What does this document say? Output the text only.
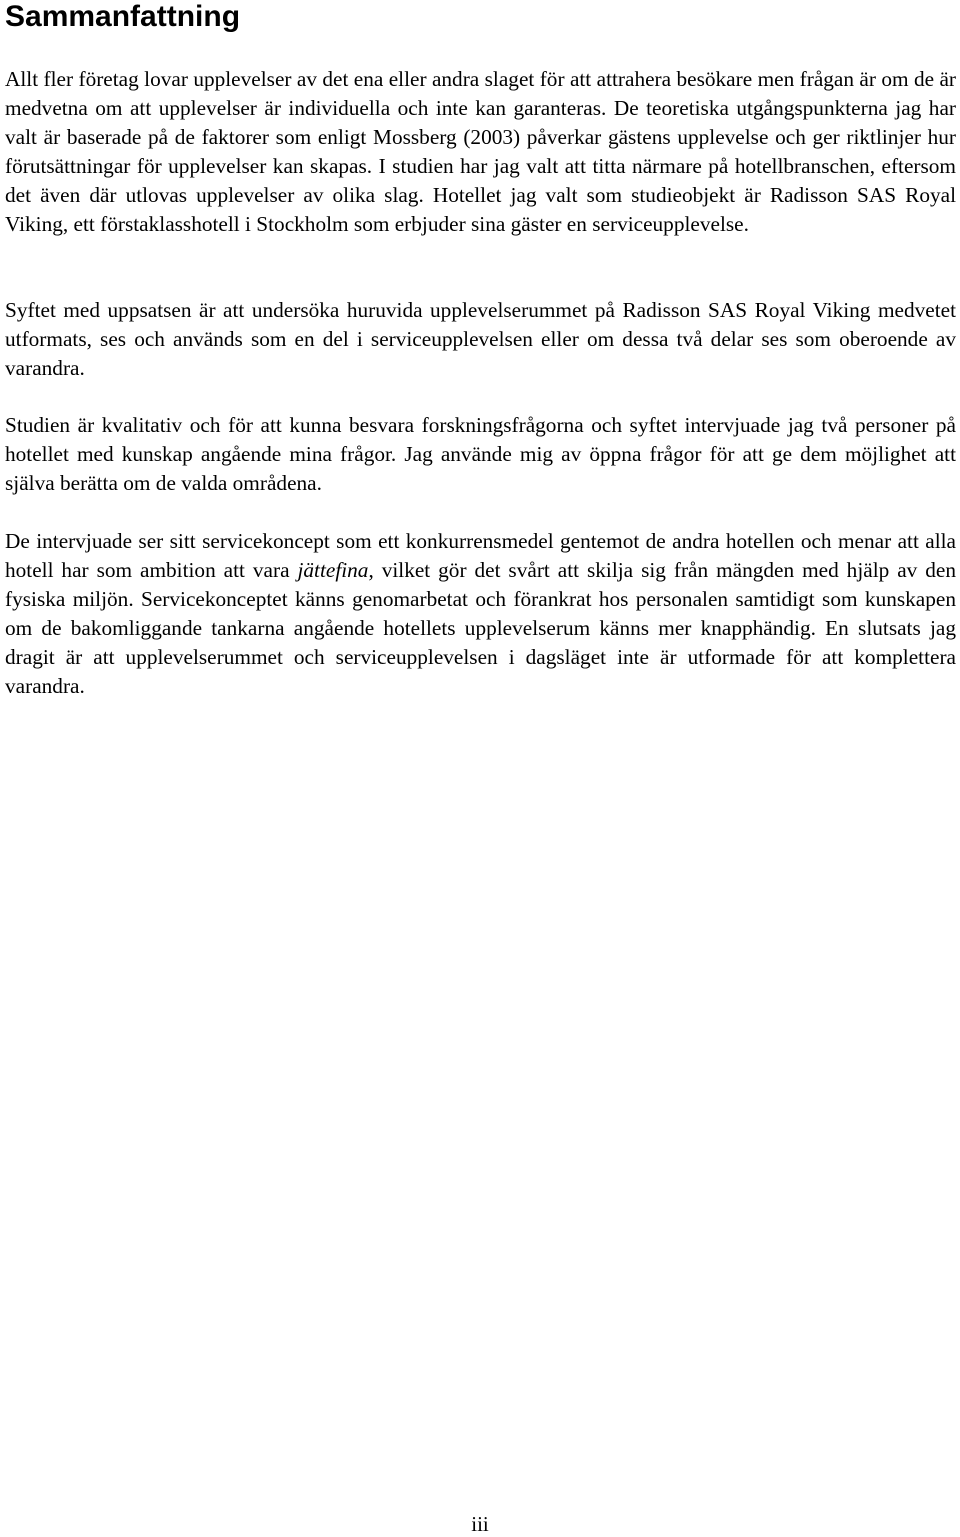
Sammanfattning

Allt fler företag lovar upplevelser av det ena eller andra slaget för att attrahera besökare men frågan är om de är medvetna om att upplevelser är individuella och inte kan garanteras. De teoretiska utgångspunkterna jag har valt är baserade på de faktorer som enligt Mossberg (2003) påverkar gästens upplevelse och ger riktlinjer hur förutsättningar för upplevelser kan skapas. I studien har jag valt att titta närmare på hotellbranschen, eftersom det även där utlovas upplevelser av olika slag. Hotellet jag valt som studieobjekt är Radisson SAS Royal Viking, ett förstaklasshotell i Stockholm som erbjuder sina gäster en serviceupplevelse.

Syftet med uppsatsen är att undersöka huruvida upplevelserummet på Radisson SAS Royal Viking medvetet utformats, ses och används som en del i serviceupplevelsen eller om dessa två delar ses som oberoende av varandra.

Studien är kvalitativ och för att kunna besvara forskningsfrågorna och syftet intervjuade jag två personer på hotellet med kunskap angående mina frågor. Jag använde mig av öppna frågor för att ge dem möjlighet att själva berätta om de valda områdena.

De intervjuade ser sitt servicekoncept som ett konkurrensmedel gentemot de andra hotellen och menar att alla hotell har som ambition att vara jättefina, vilket gör det svårt att skilja sig från mängden med hjälp av den fysiska miljön. Servicekonceptet känns genomarbetat och förankrat hos personalen samtidigt som kunskapen om de bakomliggande tankarna angående hotellets upplevelserum känns mer knapphändig. En slutsats jag dragit är att upplevelserummet och serviceupplevelsen i dagsläget inte är utformade för att komplettera varandra.

iii
